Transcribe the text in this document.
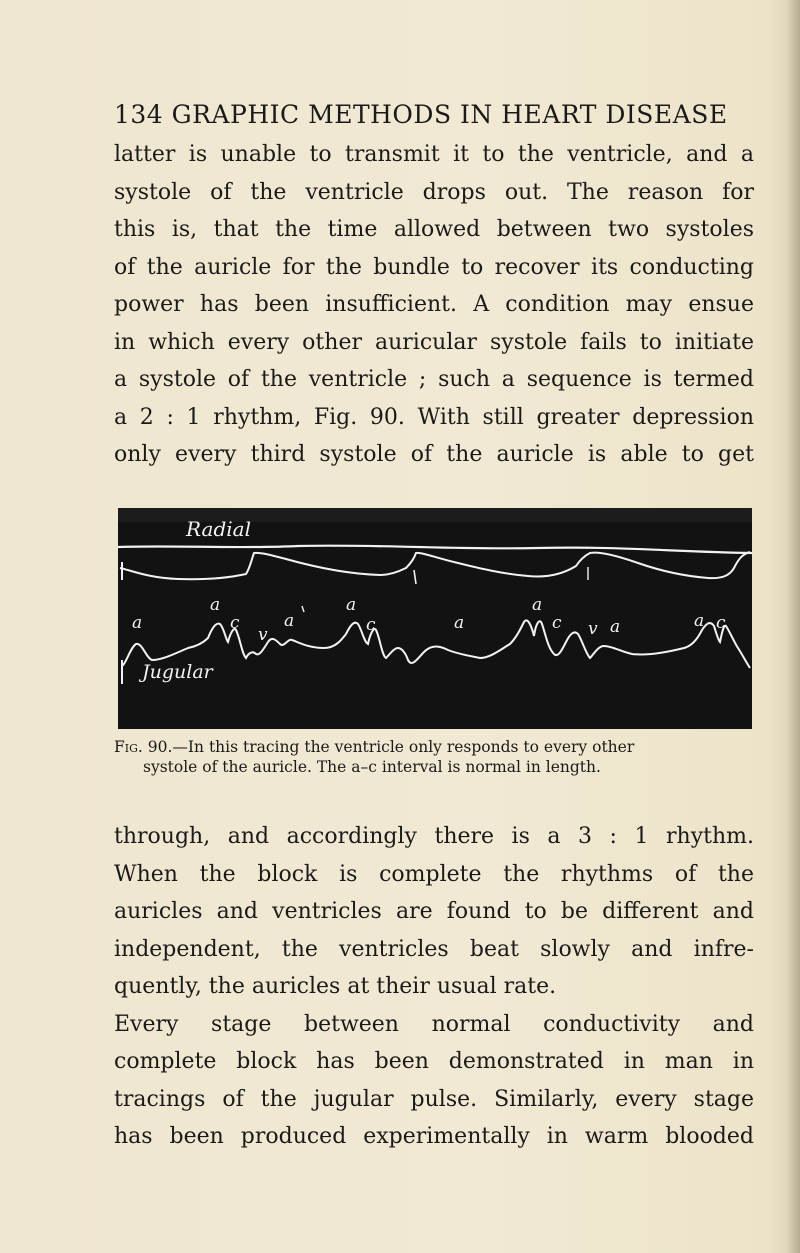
134 GRAPHIC METHODS IN HEART DISEASE
latter is unable to transmit it to the ventricle, and a
systole of the ventricle drops out. The reason for
this is, that the time allowed between two systoles
of the auricle for the bundle to recover its conducting
power has been insufficient. A condition may ensue
in which every other auricular systole fails to initiate
a systole of the ventricle ; such a sequence is termed
a 2 : 1 rhythm, Fig. 90. With still greater depression
only every third systole of the auricle is able to get
a
a
c
v
a
a
c	a
a
c v a	a c
Radial
Jugular
Fig. 90.—In this tracing the ventricle only responds to every other
systole of the auricle. The a–c interval is normal in length.
through, and accordingly there is a 3 : 1 rhythm.
When the block is complete the rhythms of the
auricles and ventricles are found to be different and
independent, the ventricles beat slowly and infre-
quently, the auricles at their usual rate.
Every stage between normal conductivity and
complete block has been demonstrated in man in
tracings of the jugular pulse. Similarly, every stage
has been produced experimentally in warm blooded
